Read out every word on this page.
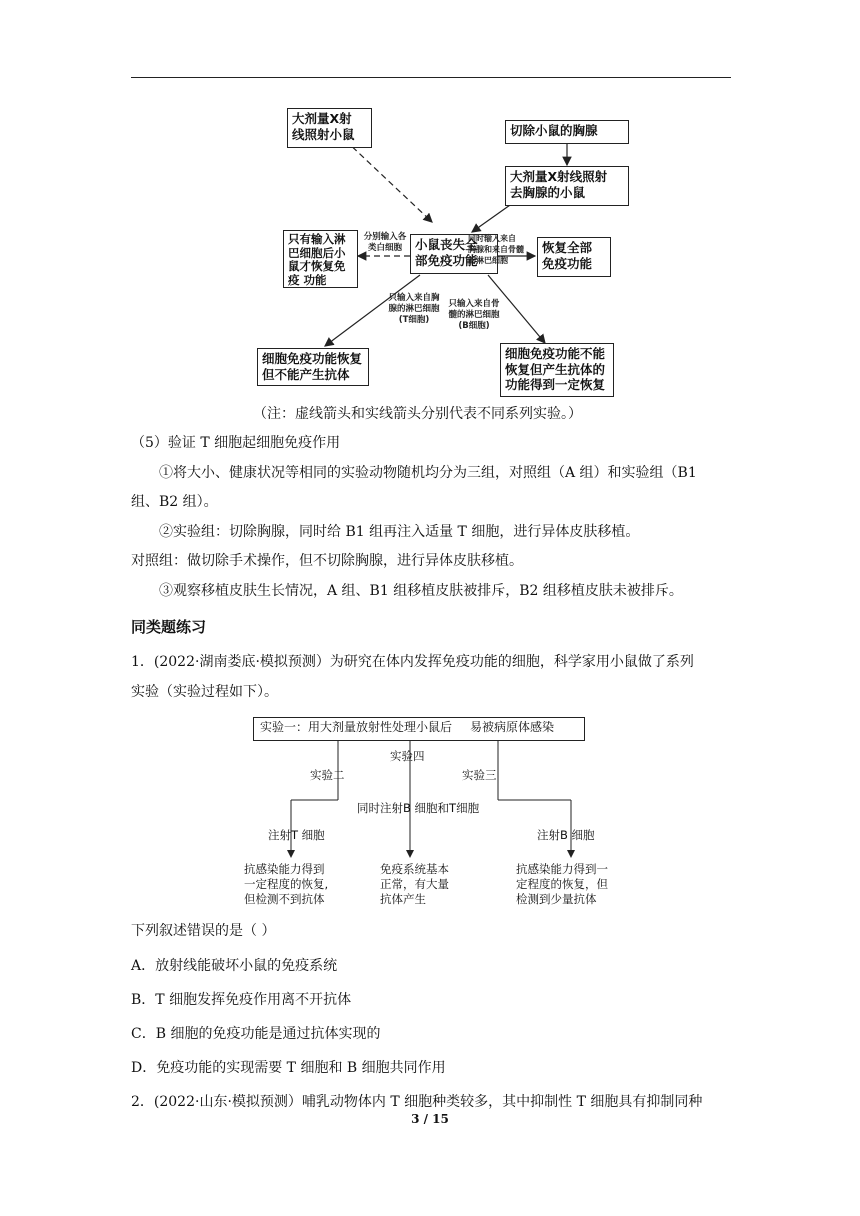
大剂量X射
线照射小鼠	切除小鼠的胸腺
大剂量X射线照射
去胸腺的小鼠
小鼠丧失全
部免疫功能
只有输入淋
巴细胞后小
鼠才恢复免
疫 功能
恢复全部
免疫功能
细胞免疫功能恢复
但不能产生抗体
细胞免疫功能不能
恢复但产生抗体的
功能得到一定恢复
分别输入各
类白细胞
同时输入来自
胸腺和来自骨髓
的淋巴细胞
只输入来自胸
腺的淋巴细胞
(T细胞)
只输入来自骨
髓的淋巴细胞
(B细胞)
（注：虚线箭头和实线箭头分别代表不同系列实验。）
（5）验证 T 细胞起细胞免疫作用
①将大小、健康状况等相同的实验动物随机均分为三组，对照组（A 组）和实验组（B1
组、B2 组）。
②实验组：切除胸腺，同时给 B1 组再注入适量 T 细胞，进行异体皮肤移植。
对照组：做切除手术操作，但不切除胸腺，进行异体皮肤移植。
③观察移植皮肤生长情况，A 组、B1 组移植皮肤被排斥，B2 组移植皮肤未被排斥。
同类题练习
1．(2022·湖南娄底·模拟预测）为研究在体内发挥免疫功能的细胞，科学家用小鼠做了系列
实验（实验过程如下）。
实验一：用大剂量放射性处理小鼠后 易被病原体感染
实验四
实验二	实验三
同时注射B 细胞和T细胞
注射T 细胞	注射B 细胞
抗感染能力得到
一定程度的恢复,
但检测不到抗体
免疫系统基本
正常，有大量
抗体产生
抗感染能力得到一
定程度的恢复，但
检测到少量抗体
下列叙述错误的是（ ）
A．放射线能破坏小鼠的免疫系统
B．T 细胞发挥免疫作用离不开抗体
C．B 细胞的免疫功能是通过抗体实现的
D．免疫功能的实现需要 T 细胞和 B 细胞共同作用
2．(2022·山东·模拟预测）哺乳动物体内 T 细胞种类较多，其中抑制性 T 细胞具有抑制同种
3 / 15
